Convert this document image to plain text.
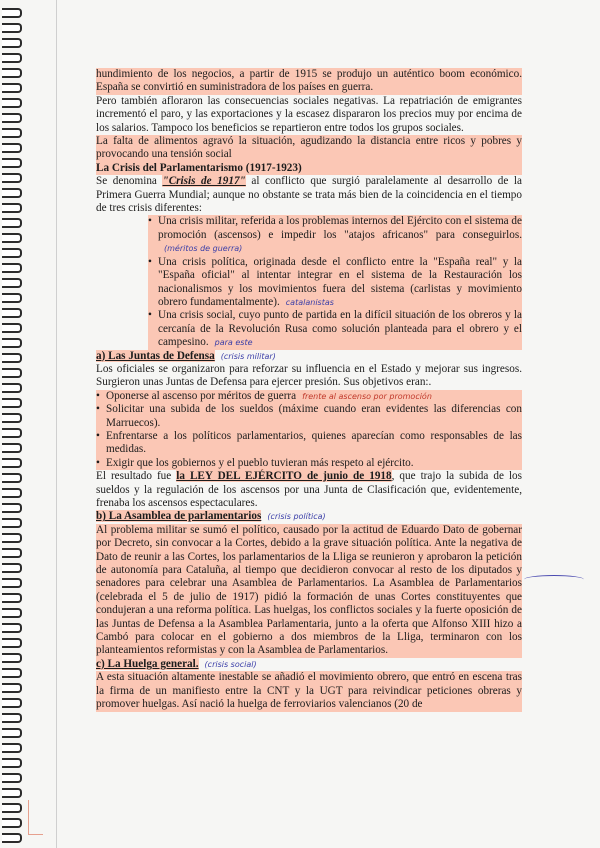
hundimiento de los negocios, a partir de 1915 se produjo un auténtico boom económico. España se convirtió en suministradora de los países en guerra.

Pero también afloraron las consecuencias sociales negativas. La repatriación de emigrantes incrementó el paro, y las exportaciones y la escasez dispararon los precios muy por encima de los salarios. Tampoco los beneficios se repartieron entre todos los grupos sociales.

La falta de alimentos agravó la situación, agudizando la distancia entre ricos y pobres y provocando una tensión social

La Crisis del Parlamentarismo (1917-1923)

Se denomina "Crisis de 1917" al conflicto que surgió paralelamente al desarrollo de la Primera Guerra Mundial; aunque no obstante se trata más bien de la coincidencia en el tiempo de tres crisis diferentes:

• Una crisis militar, referida a los problemas internos del Ejército con el sistema de promoción (ascensos) e impedir los "atajos africanos" para conseguirlos.(méritos de guerra)
• Una crisis política, originada desde el conflicto entre la "España real" y la "España oficial" al intentar integrar en el sistema de la Restauración los nacionalismos y los movimientos fuera del sistema (carlistas y movimiento obrero fundamentalmente). catalanistas
• Una crisis social, cuyo punto de partida en la difícil situación de los obreros y la cercanía de la Revolución Rusa como solución planteada para el obrero y el campesino. para este

a) Las Juntas de Defensa (crisis militar)

Los oficiales se organizaron para reforzar su influencia en el Estado y mejorar sus ingresos. Surgieron unas Juntas de Defensa para ejercer presión. Sus objetivos eran:.

• Oponerse al ascenso por méritos de guerra frente al ascenso por promoción
• Solicitar una subida de los sueldos (máxime cuando eran evidentes las diferencias con Marruecos).
• Enfrentarse a los políticos parlamentarios, quienes aparecían como responsables de las medidas.
• Exigir que los gobiernos y el pueblo tuvieran más respeto al ejército.

El resultado fue la LEY DEL EJÉRCITO de junio de 1918, que trajo la subida de los sueldos y la regulación de los ascensos por una Junta de Clasificación que, evidentemente, frenaba los ascensos espectaculares.

b) La Asamblea de parlamentarios (crisis política)

Al problema militar se sumó el político, causado por la actitud de Eduardo Dato de gobernar por Decreto, sin convocar a la Cortes, debido a la grave situación política. Ante la negativa de Dato de reunir a las Cortes, los parlamentarios de la Lliga se reunieron y aprobaron la petición de autonomía para Cataluña, al tiempo que decidieron convocar al resto de los diputados y senadores para celebrar una Asamblea de Parlamentarios. La Asamblea de Parlamentarios (celebrada el 5 de julio de 1917) pidió la formación de unas Cortes constituyentes que condujeran a una reforma política. Las huelgas, los conflictos sociales y la fuerte oposición de las Juntas de Defensa a la Asamblea Parlamentaria, junto a la oferta que Alfonso XIII hizo a Cambó para colocar en el gobierno a dos miembros de la Lliga, terminaron con los planteamientos reformistas y con la Asamblea de Parlamentarios.

c) La Huelga general. (crisis social)

A esta situación altamente inestable se añadió el movimiento obrero, que entró en escena tras la firma de un manifiesto entre la CNT y la UGT para reivindicar peticiones obreras y promover huelgas. Así nació la huelga de ferroviarios valencianos (20 de
